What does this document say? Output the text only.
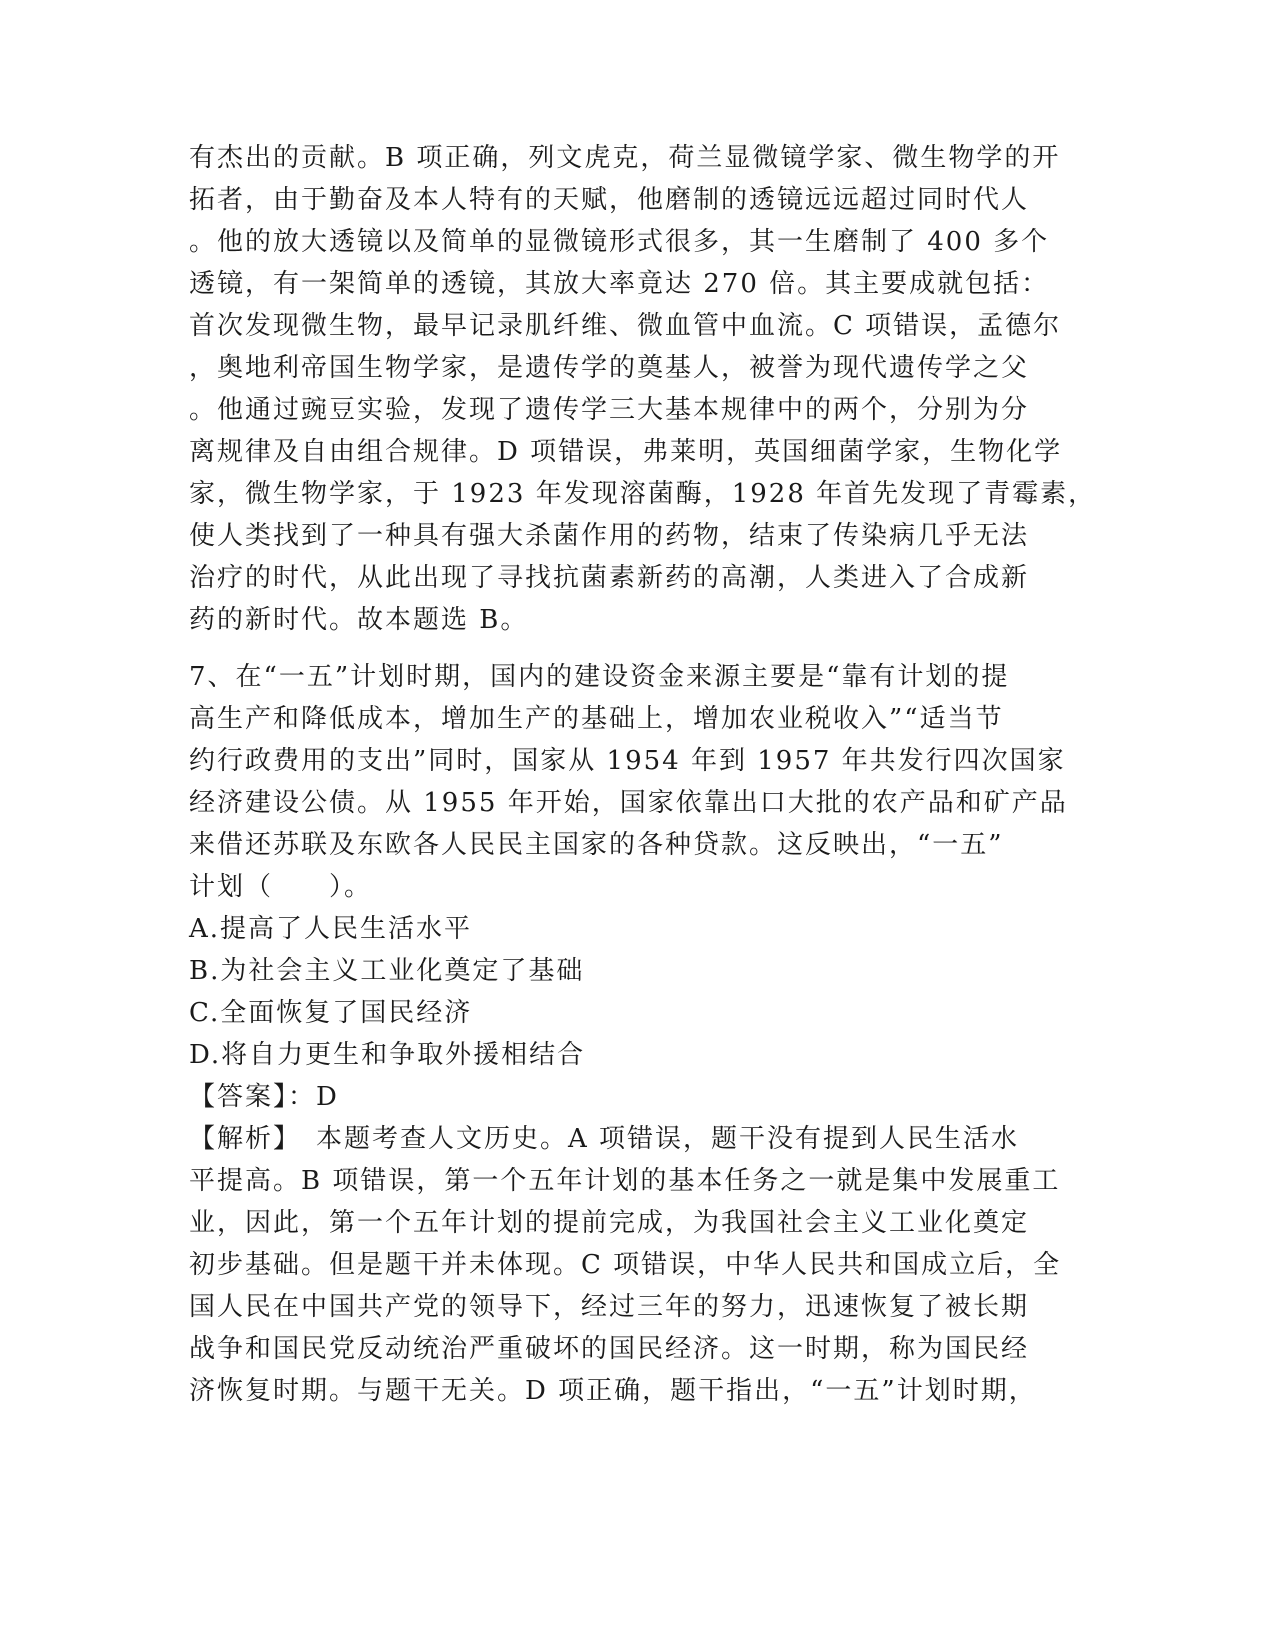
有杰出的贡献。B 项正确，列文虎克，荷兰显微镜学家、微生物学的开
拓者，由于勤奋及本人特有的天赋，他磨制的透镜远远超过同时代人
。他的放大透镜以及简单的显微镜形式很多，其一生磨制了 400 多个
透镜，有一架简单的透镜，其放大率竟达 270 倍。其主要成就包括：
首次发现微生物，最早记录肌纤维、微血管中血流。C 项错误，孟德尔
，奥地利帝国生物学家，是遗传学的奠基人，被誉为现代遗传学之父
。他通过豌豆实验，发现了遗传学三大基本规律中的两个，分别为分
离规律及自由组合规律。D 项错误，弗莱明，英国细菌学家，生物化学
家，微生物学家，于 1923 年发现溶菌酶，1928 年首先发现了青霉素，
使人类找到了一种具有强大杀菌作用的药物，结束了传染病几乎无法
治疗的时代，从此出现了寻找抗菌素新药的高潮，人类进入了合成新
药的新时代。故本题选 B。
7、在“一五”计划时期，国内的建设资金来源主要是“靠有计划的提
高生产和降低成本，增加生产的基础上，增加农业税收入”“适当节
约行政费用的支出”同时，国家从 1954 年到 1957 年共发行四次国家
经济建设公债。从 1955 年开始，国家依靠出口大批的农产品和矿产品
来借还苏联及东欧各人民民主国家的各种贷款。这反映出，“一五”
计划（　　）。
A.提高了人民生活水平
B.为社会主义工业化奠定了基础
C.全面恢复了国民经济
D.将自力更生和争取外援相结合
【答案】：D
【解析】　本题考查人文历史。A 项错误，题干没有提到人民生活水
平提高。B 项错误，第一个五年计划的基本任务之一就是集中发展重工
业，因此，第一个五年计划的提前完成，为我国社会主义工业化奠定
初步基础。但是题干并未体现。C 项错误，中华人民共和国成立后，全
国人民在中国共产党的领导下，经过三年的努力，迅速恢复了被长期
战争和国民党反动统治严重破坏的国民经济。这一时期，称为国民经
济恢复时期。与题干无关。D 项正确，题干指出，“一五”计划时期，
